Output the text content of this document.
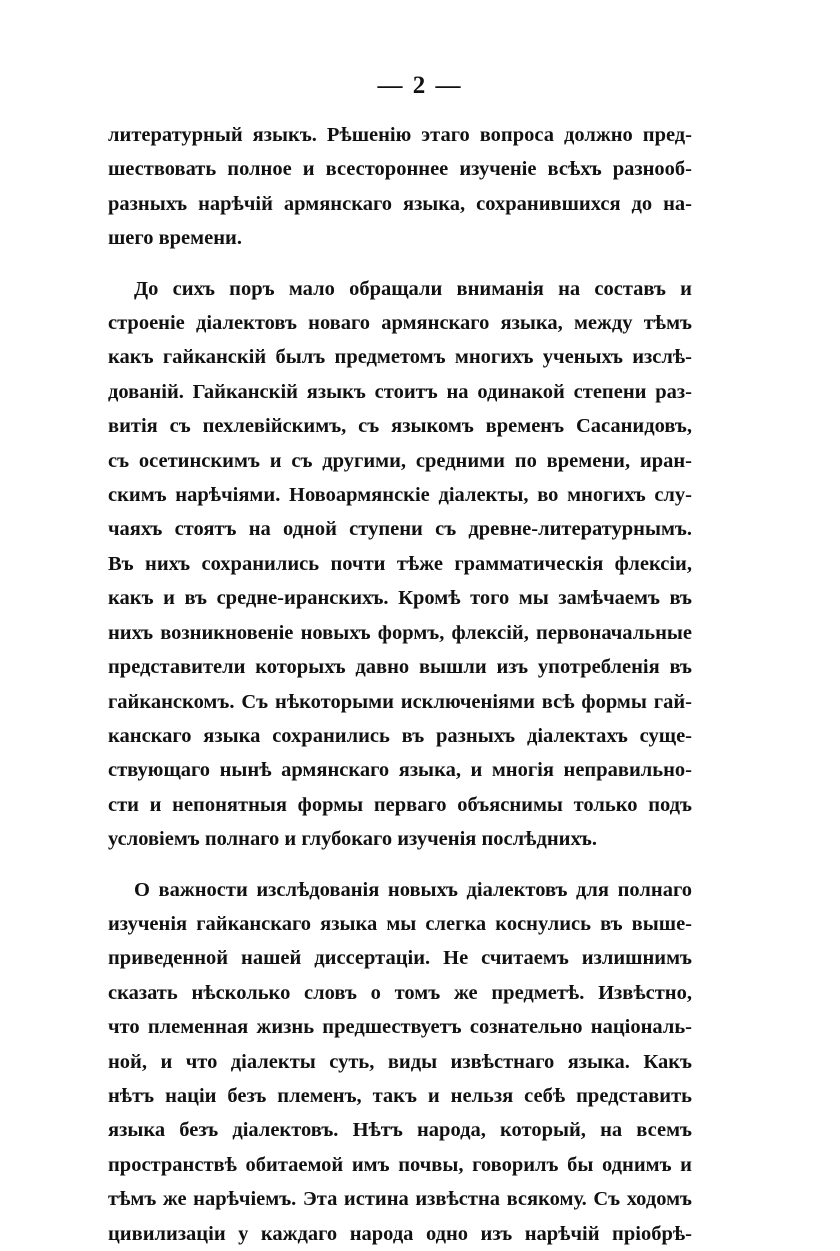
— 2 —

литературный языкъ. Рѣшенію этаго вопроса должно пред-
шествовать полное и всестороннее изученіе всѣхъ разнооб-
разныхъ нарѣчій армянскаго языка, сохранившихся до на-
шего времени.

До сихъ поръ мало обращали вниманія на составъ и
строеніе діалектовъ новаго армянскаго языка, между тѣмъ
какъ гайканскій былъ предметомъ многихъ ученыхъ изслѣ-
дованій. Гайканскій языкъ стоитъ на одинакой степени раз-
витія съ пехлевійскимъ, съ языкомъ временъ Сасанидовъ,
съ осетинскимъ и съ другими, средними по времени, иран-
скимъ нарѣчіями. Новоармянскіе діалекты, во многихъ слу-
чаяхъ стоятъ на одной ступени съ древне-литературнымъ.
Въ нихъ сохранились почти тѣже грамматическія флексіи,
какъ и въ средне-иранскихъ. Кромѣ того мы замѣчаемъ въ
нихъ возникновеніе новыхъ формъ, флексій, первоначальные
представители которыхъ давно вышли изъ употребленія въ
гайканскомъ. Съ нѣкоторыми исключеніями всѣ формы гай-
канскаго языка сохранились въ разныхъ діалектахъ суще-
ствующаго нынѣ армянскаго языка, и многія неправильно-
сти и непонятныя формы перваго объяснимы только подъ
условіемъ полнаго и глубокаго изученія послѣднихъ.

О важности изслѣдованія новыхъ діалектовъ для полнаго
изученія гайканскаго языка мы слегка коснулись въ выше-
приведенной нашей диссертаціи. Не считаемъ излишнимъ
сказать нѣсколько словъ о томъ же предметѣ. Извѣстно,
что племенная жизнь предшествуетъ сознательно національ-
ной, и что діалекты суть, виды извѣстнаго языка. Какъ
нѣтъ націи безъ племенъ, такъ и нельзя себѣ представить
языка безъ діалектовъ. Нѣтъ народа, который, на всемъ
пространствѣ обитаемой имъ почвы, говорилъ бы однимъ и
тѣмъ же нарѣчіемъ. Эта истина извѣстна всякому. Съ ходомъ
цивилизаціи у каждаго народа одно изъ нарѣчій пріобрѣ-
